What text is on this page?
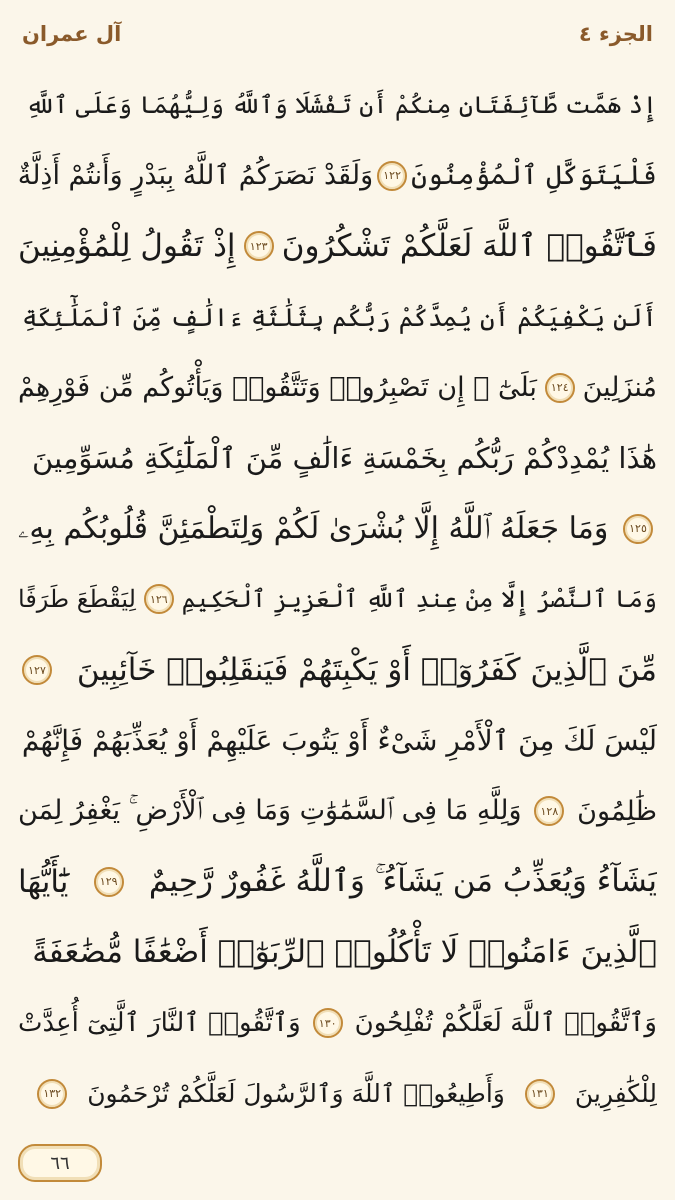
آل عمران	الجزء ٤
إِذْ هَمَّت طَّآئِفَتَانِ مِنكُمْ أَن تَفْشَلَا وَٱللَّهُ وَلِيُّهُمَا وَعَلَى ٱللَّهِ
فَلْيَتَوَكَّلِ ٱلْمُؤْمِنُونَ
١٢٢
وَلَقَدْ نَصَرَكُمُ ٱللَّهُ بِبَدْرٍ وَأَنتُمْ أَذِلَّةٌ
فَٱتَّقُوا۟ ٱللَّهَ لَعَلَّكُمْ تَشْكُرُونَ
١٢٣
إِذْ تَقُولُ لِلْمُؤْمِنِينَ
أَلَن يَكْفِيَكُمْ أَن يُمِدَّكُمْ رَبُّكُم بِثَلَٰثَةِ ءَالَٰفٍ مِّنَ ٱلْمَلَٰٓئِكَةِ
مُنزَلِينَ
١٢٤
بَلَىٰٓ ۚ إِن تَصْبِرُوا۟ وَتَتَّقُوا۟ وَيَأْتُوكُم مِّن فَوْرِهِمْ
هَٰذَا يُمْدِدْكُمْ رَبُّكُم بِخَمْسَةِ ءَالَٰفٍ مِّنَ ٱلْمَلَٰٓئِكَةِ مُسَوِّمِينَ
١٢٥
وَمَا جَعَلَهُ ٱللَّهُ إِلَّا بُشْرَىٰ لَكُمْ وَلِتَطْمَئِنَّ قُلُوبُكُم بِهِۦ
وَمَا ٱلنَّصْرُ إِلَّا مِنْ عِندِ ٱللَّهِ ٱلْعَزِيزِ ٱلْحَكِيمِ
١٢٦
لِيَقْطَعَ طَرَفًا
مِّنَ ٱلَّذِينَ كَفَرُوٓا۟ أَوْ يَكْبِتَهُمْ فَيَنقَلِبُوا۟ خَآئِبِينَ
١٢٧
لَيْسَ لَكَ مِنَ ٱلْأَمْرِ شَىْءٌ أَوْ يَتُوبَ عَلَيْهِمْ أَوْ يُعَذِّبَهُمْ فَإِنَّهُمْ
ظَٰلِمُونَ
١٢٨
وَلِلَّهِ مَا فِى ٱلسَّمَٰوَٰتِ وَمَا فِى ٱلْأَرْضِ ۚ يَغْفِرُ لِمَن
يَشَآءُ وَيُعَذِّبُ مَن يَشَآءُ ۚ وَٱللَّهُ غَفُورٌ رَّحِيمٌ
١٢٩
يَٰٓأَيُّهَا
ٱلَّذِينَ ءَامَنُوا۟ لَا تَأْكُلُوا۟ ٱلرِّبَوٰٓا۟ أَضْعَٰفًا مُّضَٰعَفَةً
وَٱتَّقُوا۟ ٱللَّهَ لَعَلَّكُمْ تُفْلِحُونَ
١٣٠
وَٱتَّقُوا۟ ٱلنَّارَ ٱلَّتِىٓ أُعِدَّتْ
لِلْكَٰفِرِينَ
١٣١
وَأَطِيعُوا۟ ٱللَّهَ وَٱلرَّسُولَ لَعَلَّكُمْ تُرْحَمُونَ
١٣٢
٦٦
